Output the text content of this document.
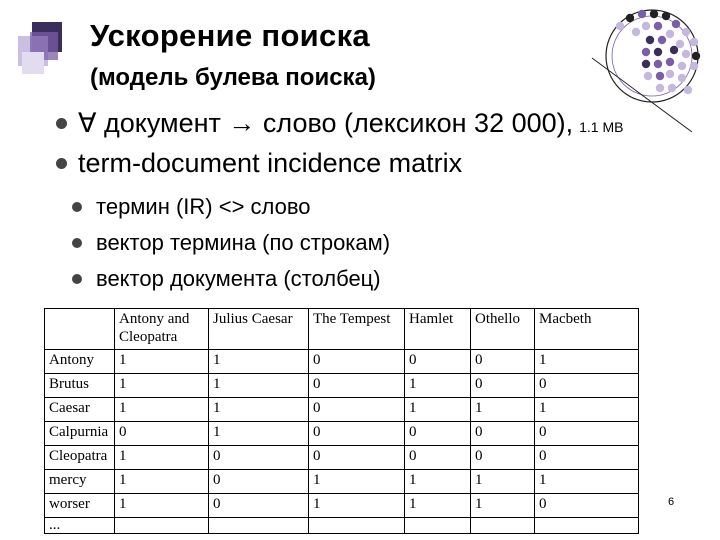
Ускорение поиска
(модель булева поиска)
∀ документ → слово (лексикон 32 000), 1.1 MB
term-document incidence matrix
термин (IR) <> слово
вектор термина (по строкам)
вектор документа (столбец)
	Antony and Cleopatra	Julius Caesar	The Tempest	Hamlet	Othello	Macbeth
Antony	1	1	0	0	0	1
Brutus	1	1	0	1	0	0
Caesar	1	1	0	1	1	1
Calpurnia	0	1	0	0	0	0
Cleopatra	1	0	0	0	0	0
mercy	1	0	1	1	1	1
worser	1	0	1	1	1	0
...						
6
